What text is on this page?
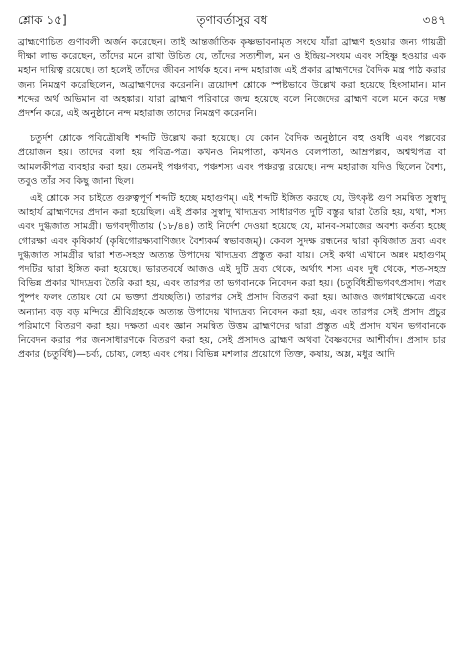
শ্লোক ১৫]	তৃণাবর্তাসুর বধ	৩৪৭

ব্রাহ্মণোচিত গুণাবলী অর্জন করেছেন। তাই আন্তর্জাতিক কৃষ্ণভাবনামৃত সংঘে যাঁরা ব্রাহ্মণ হওয়ার জন্য গায়ত্রী দীক্ষা লাভ করেছেন, তাঁদের মনে রাখা উচিত যে, তাঁদের সত্যশীল, মন ও ইন্দ্রিয়-সংযম এবং সহিষ্ণু হওয়ার এক মহান দায়িত্ব রয়েছে। তা হলেই তাঁদের জীবন সার্থক হবে। নন্দ মহারাজ এই প্রকার ব্রাহ্মণদের বৈদিক মন্ত্র পাঠ করার জন্য নিমন্ত্রণ করেছিলেন, অব্রাহ্মণদের করেননি। ত্রয়োদশ শ্লোকে স্পষ্টভাবে উল্লেখ করা হয়েছে হিংসামান। মান শব্দের অর্থ অভিমান বা অহঙ্কার। যারা ব্রাহ্মণ পরিবারে জন্ম হয়েছে বলে নিজেদের ব্রাহ্মণ বলে মনে করে দম্ভ প্রদর্শন করে, এই অনুষ্ঠানে নন্দ মহারাজ তাদের নিমন্ত্রণ করেননি।

চতুর্দশ শ্লোকে পবিত্রৌষধি শব্দটি উল্লেখ করা হয়েছে। যে কোন বৈদিক অনুষ্ঠানে বহু ওষধি এবং পল্লবের প্রয়োজন হয়। তাদের বলা হয় পবিত্র-পত্র। কখনও নিমপাতা, কখনও বেলপাতা, আম্রপল্লব, অশ্বত্থপত্র বা আমলকীপত্র ব্যবহার করা হয়। তেমনই পঞ্চগব্য, পঞ্চশস্য এবং পঞ্চরত্ন রয়েছে। নন্দ মহারাজ যদিও ছিলেন বৈশ্য, তবুও তাঁর সব কিছু জানা ছিল।

এই শ্লোকে সব চাইতে গুরুত্বপূর্ণ শব্দটি হচ্ছে মহাগুণম্। এই শব্দটি ইঙ্গিত করছে যে, উৎকৃষ্ট গুণ সমন্বিত সুস্বাদু আহার্য ব্রাহ্মণদের প্রদান করা হয়েছিল। এই প্রকার সুস্বাদু খাদ্যদ্রব্য সাধারণত দুটি বস্তুর দ্বারা তৈরি হয়, যথা, শস্য এবং দুগ্ধজাত সামগ্রী। ভগবদ্‌গীতায় (১৮/৪৪) তাই নির্দেশ দেওয়া হয়েছে যে, মানব-সমাজের অবশ্য কর্তব্য হচ্ছে গোরক্ষা এবং কৃষিকার্য (কৃষিগোরক্ষ্যবাণিজ্যং বৈশ্যকর্ম স্বভাবজম্)। কেবল সুদক্ষ রন্ধনের দ্বারা কৃষিজাত দ্রব্য এবং দুগ্ধজাত সামগ্রীর দ্বারা শত-সহস্র অত্যন্ত উপাদেয় খাদ্যদ্রব্য প্রস্তুত করা যায়। সেই কথা এখানে অন্নং মহাগুণম্ পদটির দ্বারা ইঙ্গিত করা হয়েছে। ভারতবর্ষে আজও এই দুটি দ্রব্য থেকে, অর্থাৎ শস্য এবং দুধ থেকে, শত-সহস্র বিভিন্ন প্রকার খাদ্যদ্রব্য তৈরি করা হয়, এবং তারপর তা ভগবানকে নিবেদন করা হয়। (চতুর্বিধশ্রীভগবৎপ্রসাদ। পত্রং পুষ্পং ফলং তোয়ং যো মে ভক্ত্যা প্রযচ্ছতি।) তারপর সেই প্রসাদ বিতরণ করা হয়। আজও জগন্নাথক্ষেত্রে এবং অন্যান্য বড় বড় মন্দিরে শ্রীবিগ্রহকে অত্যন্ত উপাদেয় খাদ্যদ্রব্য নিবেদন করা হয়, এবং তারপর সেই প্রসাদ প্রচুর পরিমাণে বিতরণ করা হয়। দক্ষতা এবং জ্ঞান সমন্বিত উত্তম ব্রাহ্মণদের দ্বারা প্রস্তুত এই প্রসাদ যখন ভগবানকে নিবেদন করার পর জনসাধারণকে বিতরণ করা হয়, সেই প্রসাদও ব্রাহ্মণ অথবা বৈষ্ণবদের আশীর্বাদ। প্রসাদ চার প্রকার (চতুর্বিধ)—চর্ব্য, চোষ্য, লেহ্য এবং পেয়। বিভিন্ন মশলার প্রয়োগে তিক্ত, কষায়, অম্ল, মধুর আদি
